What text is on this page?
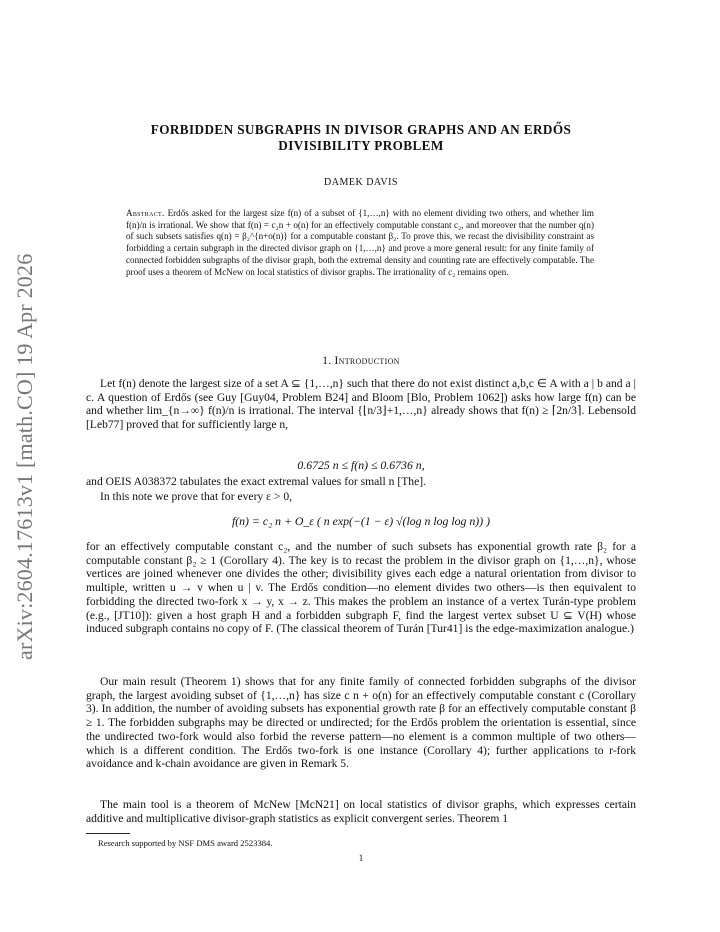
arXiv:2604.17613v1 [math.CO] 19 Apr 2026
FORBIDDEN SUBGRAPHS IN DIVISOR GRAPHS AND AN ERDŐS
DIVISIBILITY PROBLEM
DAMEK DAVIS

Abstract. Erdős asked for the largest size f(n) of a subset of {1,…,n} with no element dividing two others, and whether lim f(n)/n is irrational. We show that f(n) = c₂n + o(n) for an effectively computable constant c₂, and moreover that the number q(n) of such subsets satisfies q(n) = β₂^{n+o(n)} for a computable constant β₂. To prove this, we recast the divisibility constraint as forbidding a certain subgraph in the directed divisor graph on {1,…,n} and prove a more general result: for any finite family of connected forbidden subgraphs of the divisor graph, both the extremal density and counting rate are effectively computable. The proof uses a theorem of McNew on local statistics of divisor graphs. The irrationality of c₂ remains open.

1. Introduction

Let f(n) denote the largest size of a set A ⊆ {1,…,n} such that there do not exist distinct a,b,c ∈ A with a | b and a | c. A question of Erdős (see Guy [Guy04, Problem B24] and Bloom [Blo, Problem 1062]) asks how large f(n) can be and whether lim_{n→∞} f(n)/n is irrational. The interval {⌊n/3⌋+1,…,n} already shows that f(n) ≥ ⌈2n/3⌉. Lebensold [Leb77] proved that for sufficiently large n,

0.6725 n ≤ f(n) ≤ 0.6736 n,

and OEIS A038372 tabulates the exact extremal values for small n [The].

In this note we prove that for every ε > 0,

f(n) = c₂ n + O_ε ( n exp(−(1 − ε) √(log n log log n)) )

for an effectively computable constant c₂, and the number of such subsets has exponential growth rate β₂ for a computable constant β₂ ≥ 1 (Corollary 4). The key is to recast the problem in the divisor graph on {1,…,n}, whose vertices are joined whenever one divides the other; divisibility gives each edge a natural orientation from divisor to multiple, written u → v when u | v. The Erdős condition—no element divides two others—is then equivalent to forbidding the directed two-fork x → y, x → z. This makes the problem an instance of a vertex Turán-type problem (e.g., [JT10]): given a host graph H and a forbidden subgraph F, find the largest vertex subset U ⊆ V(H) whose induced subgraph contains no copy of F. (The classical theorem of Turán [Tur41] is the edge-maximization analogue.)

Our main result (Theorem 1) shows that for any finite family of connected forbidden subgraphs of the divisor graph, the largest avoiding subset of {1,…,n} has size c n + o(n) for an effectively computable constant c (Corollary 3). In addition, the number of avoiding subsets has exponential growth rate β for an effectively computable constant β ≥ 1. The forbidden subgraphs may be directed or undirected; for the Erdős problem the orientation is essential, since the undirected two-fork would also forbid the reverse pattern—no element is a common multiple of two others—which is a different condition. The Erdős two-fork is one instance (Corollary 4); further applications to r-fork avoidance and k-chain avoidance are given in Remark 5.

The main tool is a theorem of McNew [McN21] on local statistics of divisor graphs, which expresses certain additive and multiplicative divisor-graph statistics as explicit convergent series. Theorem 1

Research supported by NSF DMS award 2523384.
1
